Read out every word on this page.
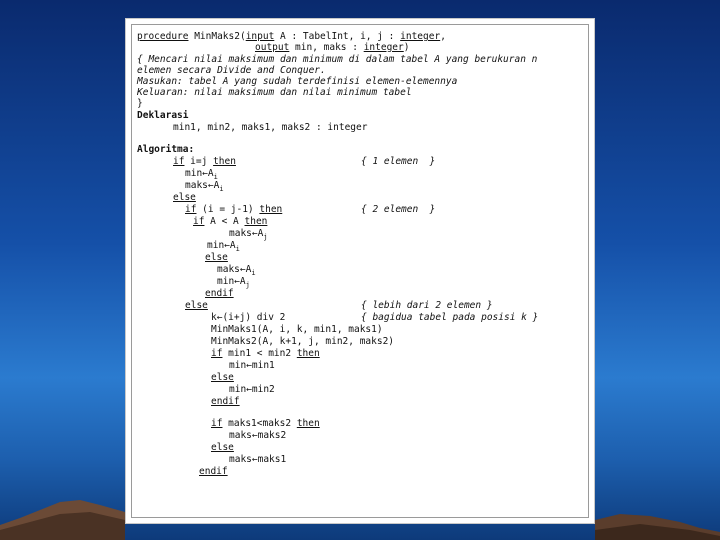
procedure MinMaks2(input A : TabelInt, i, j : integer,
output min, maks : integer)
{ Mencari nilai maksimum dan minimum di dalam tabel A yang berukuran n
elemen secara Divide and Conquer.
Masukan: tabel A yang sudah terdefinisi elemen-elemennya
Keluaran: nilai maksimum dan nilai minimum tabel
}
Deklarasi
min1, min2, maks1, maks2 : integer
Algoritma:
if i=j then	{ 1 elemen  }
$\min\leftarrow A_i$
$maks\leftarrow A_i$
else
if (i = j-1) then	{ 2 elemen  }
if A < A then
$maks\leftarrow A_j$
$\min\leftarrow A_i$
else
$maks\leftarrow A_i$
$\min\leftarrow A_j$
endif
else	{ lebih dari 2 elemen }
k←(i+j) div 2	{ bagidua tabel pada posisi k }
MinMaks1(A, i, k, min1, maks1)
MinMaks2(A, k+1, j, min2, maks2)
if min1 < min2 then
min←min1
else
min←min2
endif
if maks1<maks2 then
maks←maks2
else
maks←maks1
endif
